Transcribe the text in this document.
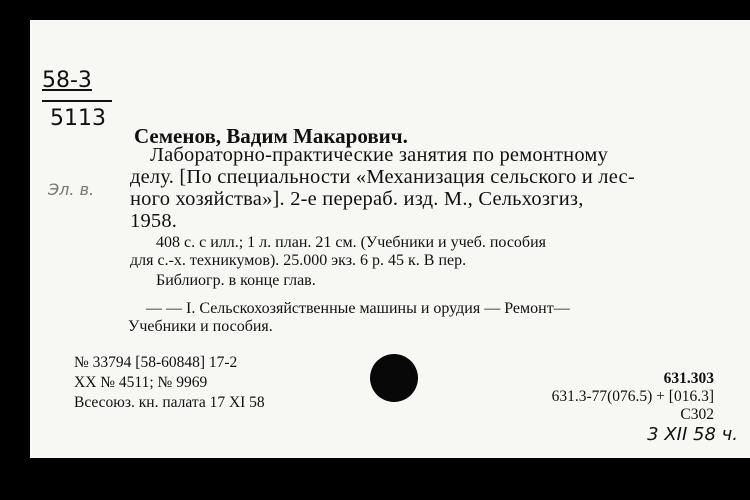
58-3
5113
Эл. в.
Семенов, Вадим Макарович.
Лабораторно-практические занятия по ремонтному
делу. [По специальности «Механизация сельского и лес-
ного хозяйства»]. 2-е перераб. изд. М., Сельхозгиз,
1958.
408 с. с илл.; 1 л. план. 21 см. (Учебники и учеб. пособия
для с.-х. техникумов). 25.000 экз. 6 р. 45 к. В пер.
Библиогр. в конце глав.
— — I. Сельскохозяйственные машины и орудия — Ремонт—
Учебники и пособия.
№ 33794 [58-60848] 17-2
XX № 4511; № 9969
Всесоюз. кн. палата 17 XI 58
631.303
631.3-77(076.5) + [016.3]
С302
3 XII 58 ч.
